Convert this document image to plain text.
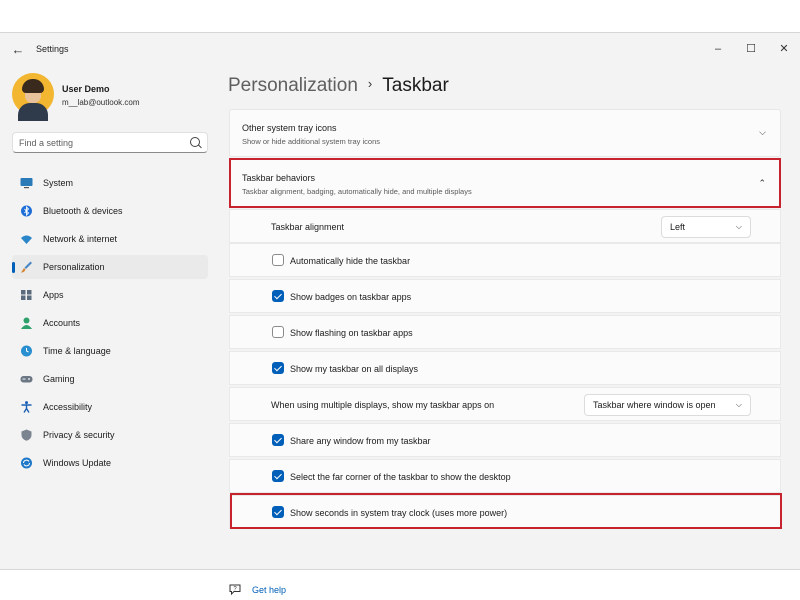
← Settings	–	☐	✕
User Demo
m__lab@outlook.com
Find a setting
System
Bluetooth & devices
Network & internet
Personalization
Apps
Accounts
Time & language
Gaming
Accessibility
Privacy & security
Windows Update
Personalization › Taskbar
Other system tray icons
Show or hide additional system tray icons
⌵
Taskbar behaviors
Taskbar alignment, badging, automatically hide, and multiple displays
⌃
Taskbar alignment	Left	⌵
Automatically hide the taskbar
Show badges on taskbar apps
Show flashing on taskbar apps
Show my taskbar on all displays
When using multiple displays, show my taskbar apps on	Taskbar where window is open	⌵
Share any window from my taskbar
Select the far corner of the taskbar to show the desktop
Show seconds in system tray clock (uses more power)
? Get help
